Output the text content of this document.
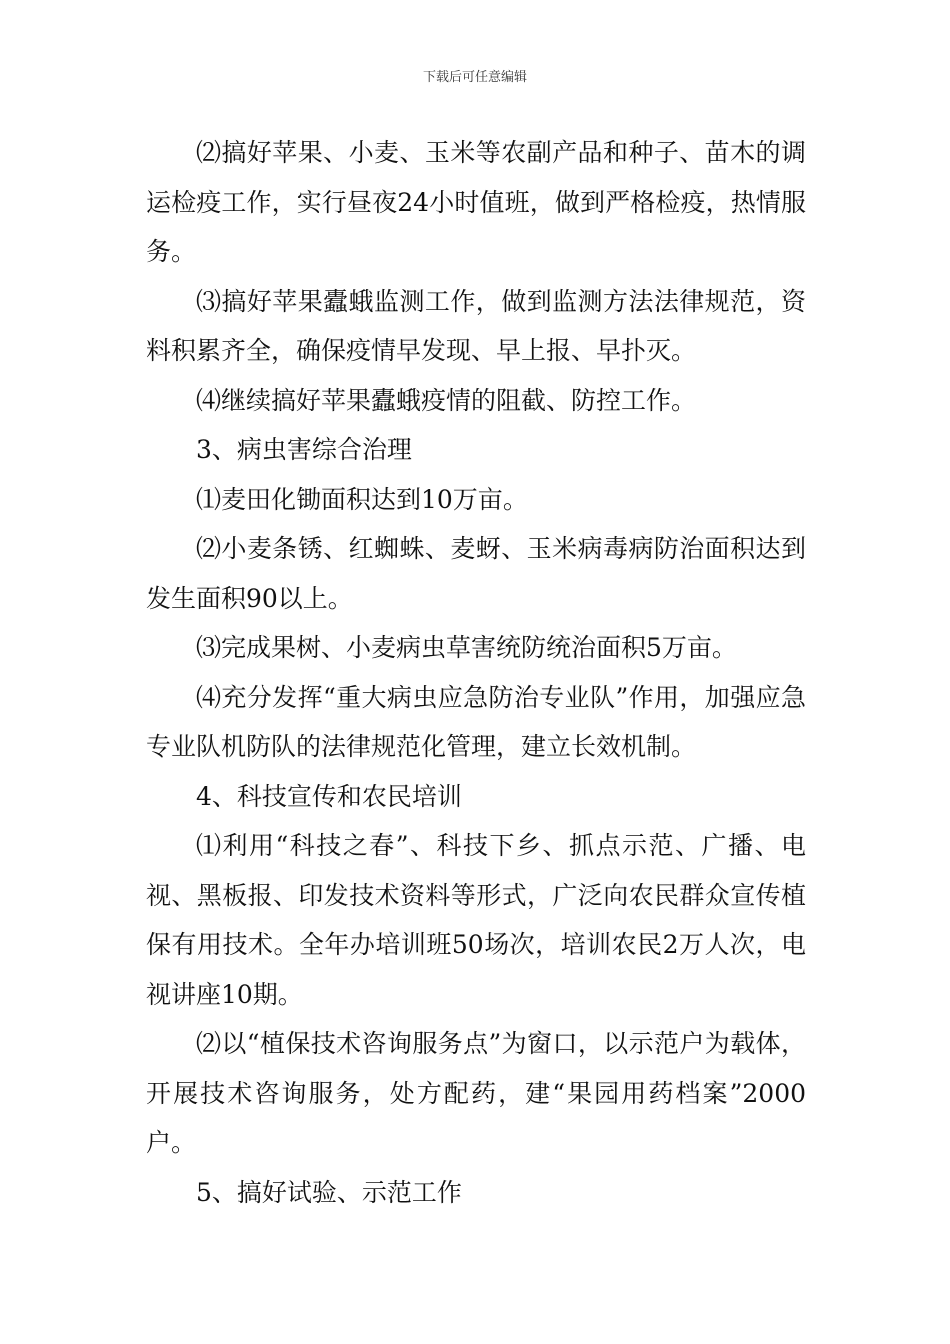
下载后可任意编辑

⑵搞好苹果、小麦、玉米等农副产品和种子、苗木的调运检疫工作，实行昼夜24小时值班，做到严格检疫，热情服务。

⑶搞好苹果蠹蛾监测工作，做到监测方法法律规范，资料积累齐全，确保疫情早发现、早上报、早扑灭。

⑷继续搞好苹果蠹蛾疫情的阻截、防控工作。

3、病虫害综合治理

⑴麦田化锄面积达到10万亩。

⑵小麦条锈、红蜘蛛、麦蚜、玉米病毒病防治面积达到发生面积90以上。

⑶完成果树、小麦病虫草害统防统治面积5万亩。

⑷充分发挥“重大病虫应急防治专业队”作用，加强应急专业队机防队的法律规范化管理，建立长效机制。

4、科技宣传和农民培训

⑴利用“科技之春”、科技下乡、抓点示范、广播、电视、黑板报、印发技术资料等形式，广泛向农民群众宣传植保有用技术。全年办培训班50场次，培训农民2万人次，电视讲座10期。

⑵以“植保技术咨询服务点”为窗口，以示范户为载体，开展技术咨询服务，处方配药，建“果园用药档案”2000户。

5、搞好试验、示范工作
